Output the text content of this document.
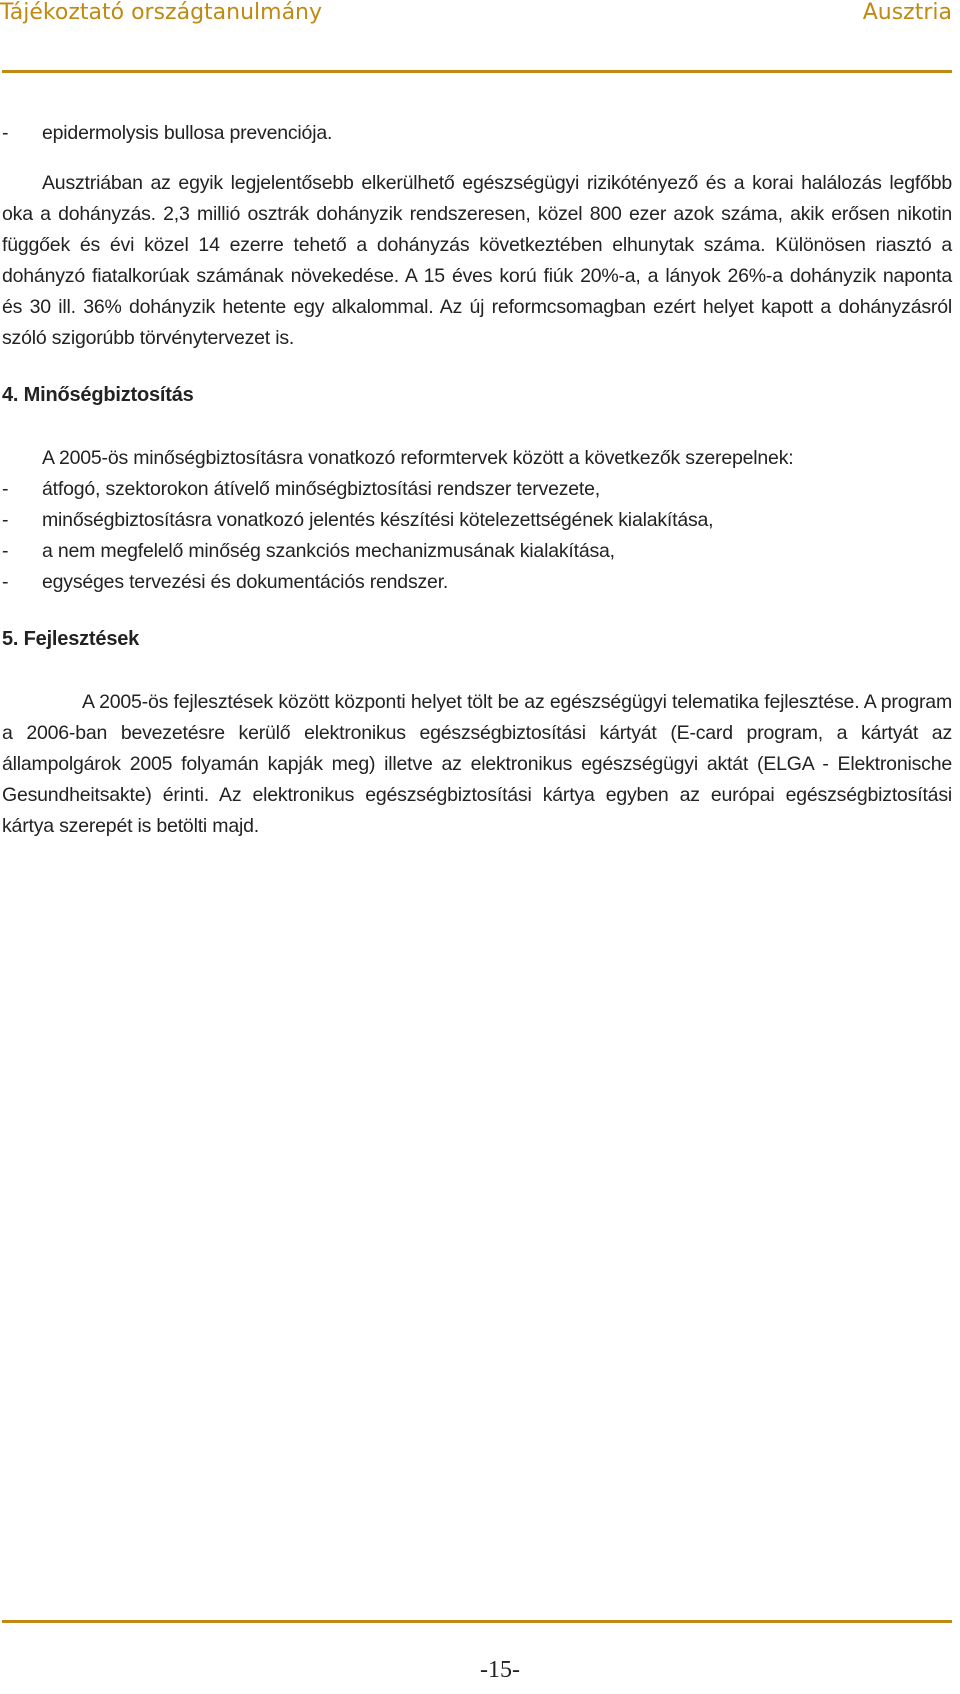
Tájékoztató országtanulmány	Ausztria
- epidermolysis bullosa prevenciója.

Ausztriában az egyik legjelentősebb elkerülhető egészségügyi rizikótényező és a korai halálozás legfőbb oka a dohányzás. 2,3 millió osztrák dohányzik rendszeresen, közel 800 ezer azok száma, akik erősen nikotin függőek és évi közel 14 ezerre tehető a dohányzás következtében elhunytak száma. Különösen riasztó a dohányzó fiatalkorúak számának növekedése. A 15 éves korú fiúk 20%-a, a lányok 26%-a dohányzik naponta és 30 ill. 36% dohányzik hetente egy alkalommal. Az új reformcsomagban ezért helyet kapott a dohányzásról szóló szigorúbb törvénytervezet is.

4. Minőségbiztosítás

A 2005-ös minőségbiztosításra vonatkozó reformtervek között a következők szerepelnek:
- átfogó, szektorokon átívelő minőségbiztosítási rendszer tervezete,
- minőségbiztosításra vonatkozó jelentés készítési kötelezettségének kialakítása,
- a nem megfelelő minőség szankciós mechanizmusának kialakítása,
- egységes tervezési és dokumentációs rendszer.

5. Fejlesztések

A 2005-ös fejlesztések között központi helyet tölt be az egészségügyi telematika fejlesztése. A program a 2006-ban bevezetésre kerülő elektronikus egészségbiztosítási kártyát (E-card program, a kártyát az állampolgárok 2005 folyamán kapják meg) illetve az elektronikus egészségügyi aktát (ELGA - Elektronische Gesundheitsakte) érinti. Az elektronikus egészségbiztosítási kártya egyben az európai egészségbiztosítási kártya szerepét is betölti majd.

-15-
